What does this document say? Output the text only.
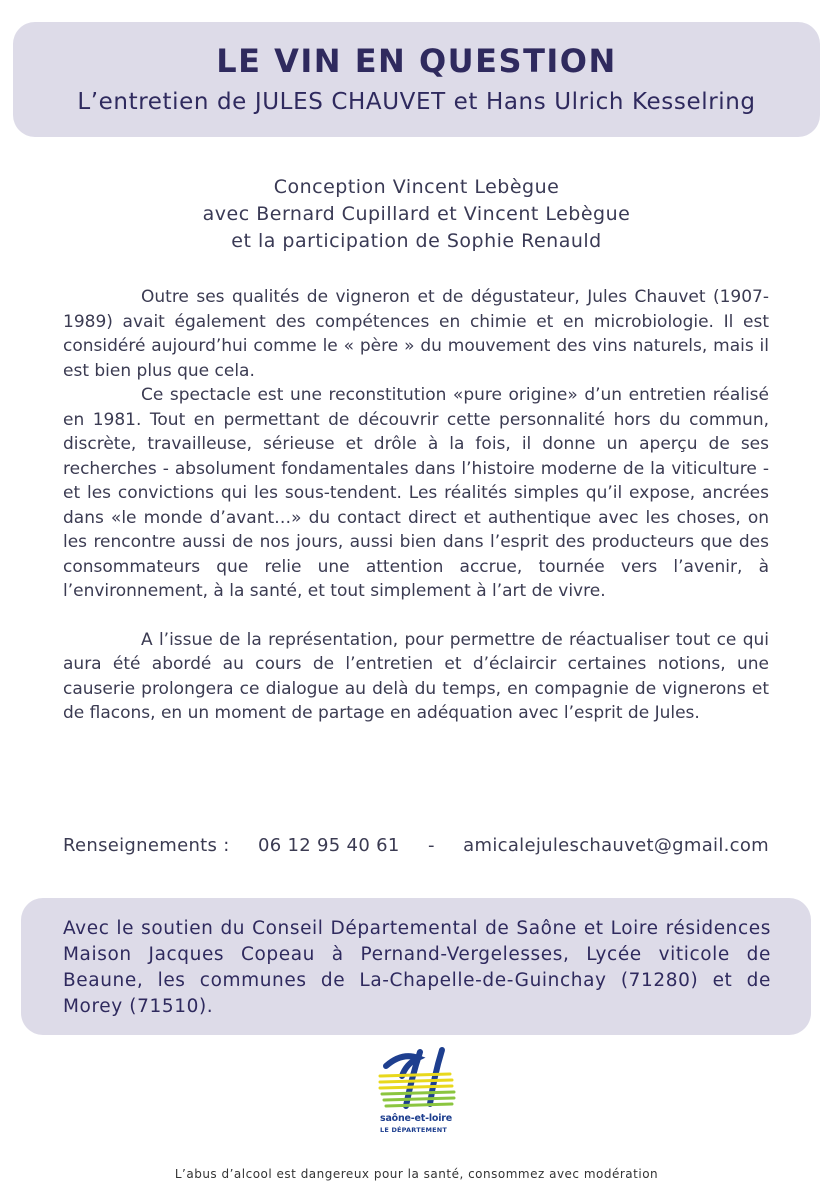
LE VIN EN QUESTION
L’entretien de JULES CHAUVET et Hans Ulrich Kesselring
Conception Vincent Lebègue
avec Bernard Cupillard et Vincent Lebègue
et la participation de Sophie Renauld

Outre ses qualités de vigneron et de dégustateur, Jules Chauvet (1907-1989) avait également des compétences en chimie et en microbiologie. Il est considéré aujourd’hui comme le « père » du mouvement des vins naturels, mais il est bien plus que cela.

Ce spectacle est une reconstitution «pure origine» d’un entretien réalisé en 1981. Tout en permettant de découvrir cette personnalité hors du commun, discrète, travailleuse, sérieuse et drôle à la fois, il donne un aperçu de ses recherches - absolument fondamentales dans l’histoire moderne de la viticulture - et les convictions qui les sous-tendent. Les réalités simples qu’il expose, ancrées dans «le monde d’avant…» du contact direct et authentique avec les choses, on les rencontre aussi de nos jours, aussi bien dans l’esprit des producteurs que des consommateurs que relie une attention accrue, tournée vers l’avenir, à l’environnement, à la santé, et tout simplement à l’art de vivre.

A l’issue de la représentation, pour permettre de réactualiser tout ce qui aura été abordé au cours de l’entretien et d’éclaircir certaines notions, une causerie prolongera ce dialogue au delà du temps, en compagnie de vignerons et de flacons, en un moment de partage en adéquation avec l’esprit de Jules.

Renseignements : 06 12 95 40 61 - amicalejuleschauvet@gmail.com
Avec le soutien du Conseil Départemental de Saône et Loire résidences Maison Jacques Copeau à Pernand-Vergelesses, Lycée viticole de Beaune, les communes de La-Chapelle-de-Guinchay (71280) et de Morey (71510).
saône-et-loire
LE DÉPARTEMENT
L’abus d’alcool est dangereux pour la santé, consommez avec modération
